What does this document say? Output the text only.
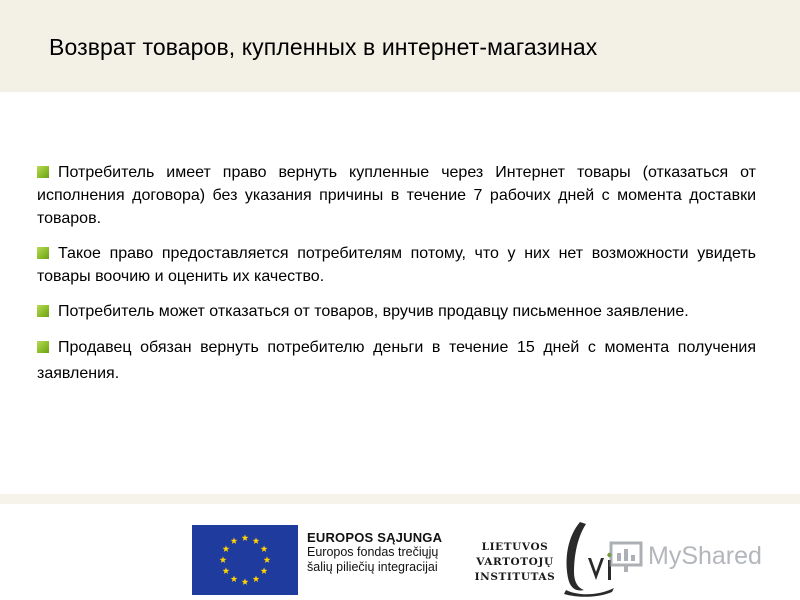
Возврат товаров, купленных в интернет-магазинах

Потребитель имеет право вернуть купленные через Интернет товары (отказаться от исполнения договора) без указания причины в течение 7 рабочих дней с момента доставки товаров.

Такое право предоставляется потребителям потому, что у них нет возможности увидеть товары воочию и оценить их качество.

Потребитель может отказаться от товаров, вручив продавцу письменное заявление.

Продавец обязан вернуть потребителю деньги в течение 15 дней с момента получения заявления.

EUROPOS SĄJUNGA
Europos fondas trečiųjų
šalių piliečių integracijai
LIETUVOS
VARTOTOJŲ
INSTITUTAS
MyShared
